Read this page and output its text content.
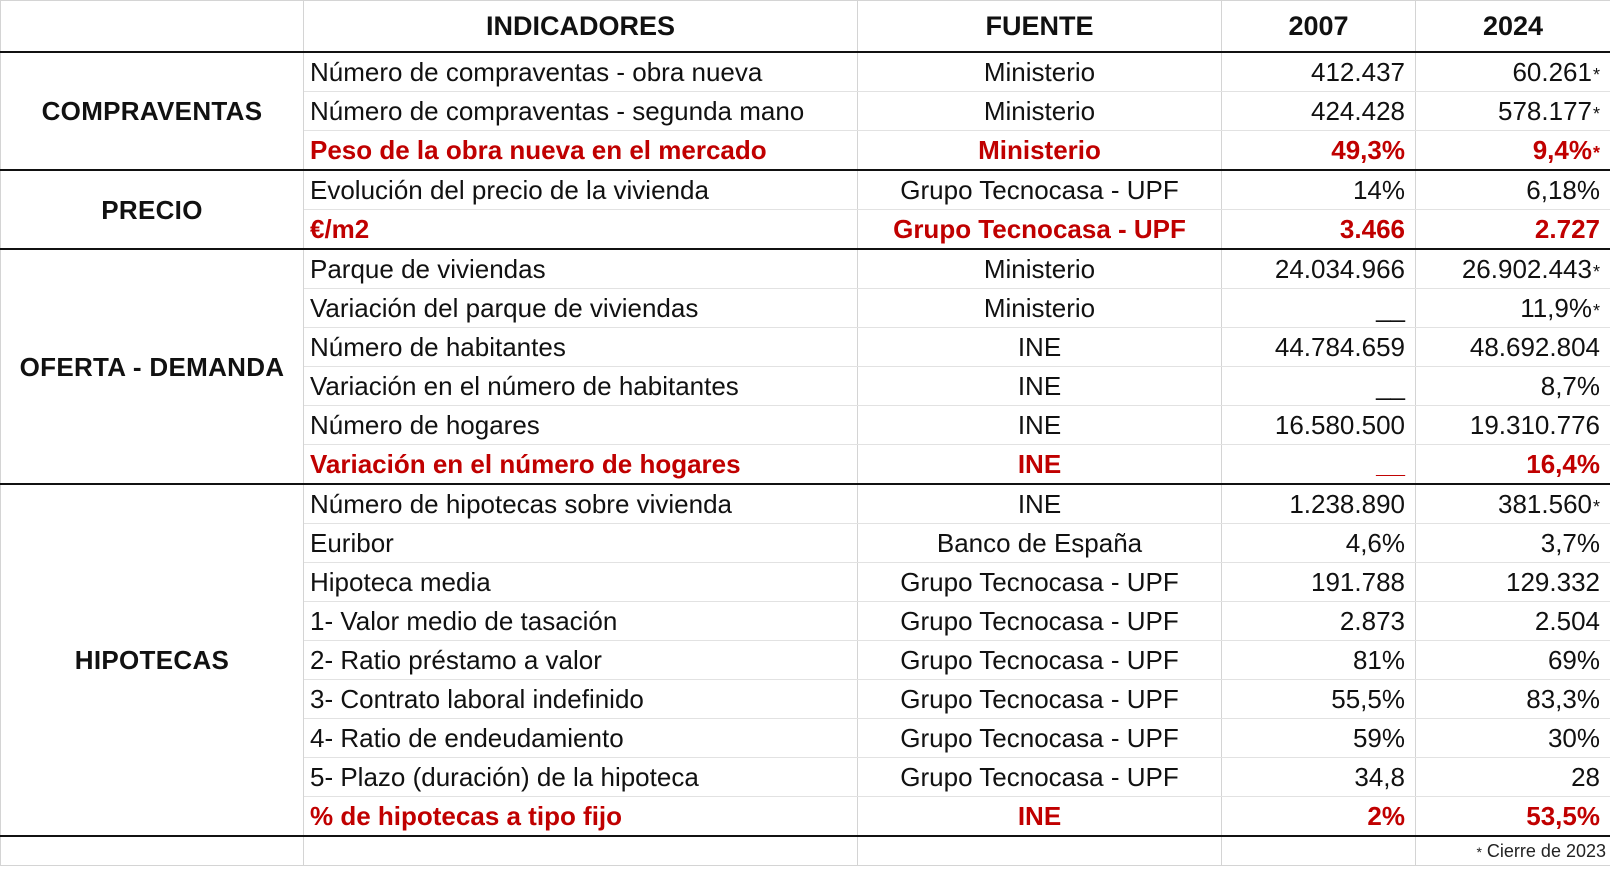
	INDICADORES	FUENTE	2007	2024
COMPRAVENTAS	Número de compraventas - obra nueva	Ministerio	412.437	60.261*
	Número de compraventas - segunda mano	Ministerio	424.428	578.177*
	Peso de la obra nueva en el mercado	Ministerio	49,3%	9,4%*
PRECIO	Evolución del precio de la vivienda	Grupo Tecnocasa - UPF	14%	6,18%
	€/m2	Grupo Tecnocasa - UPF	3.466	2.727
OFERTA - DEMANDA	Parque de viviendas	Ministerio	24.034.966	26.902.443*
	Variación del parque de viviendas	Ministerio	__	11,9%*
	Número de habitantes	INE	44.784.659	48.692.804
	Variación en el número de habitantes	INE	__	8,7%
	Número de hogares	INE	16.580.500	19.310.776
	Variación en el número de hogares	INE	__	16,4%
HIPOTECAS	Número de hipotecas sobre vivienda	INE	1.238.890	381.560*
	Euribor	Banco de España	4,6%	3,7%
	Hipoteca media	Grupo Tecnocasa - UPF	191.788	129.332
	1- Valor medio de tasación	Grupo Tecnocasa - UPF	2.873	2.504
	2- Ratio préstamo a valor	Grupo Tecnocasa - UPF	81%	69%
	3- Contrato laboral indefinido	Grupo Tecnocasa - UPF	55,5%	83,3%
	4- Ratio de endeudamiento	Grupo Tecnocasa - UPF	59%	30%
	5- Plazo (duración) de la hipoteca	Grupo Tecnocasa - UPF	34,8	28
	% de hipotecas a tipo fijo	INE	2%	53,5%
				* Cierre de 2023
